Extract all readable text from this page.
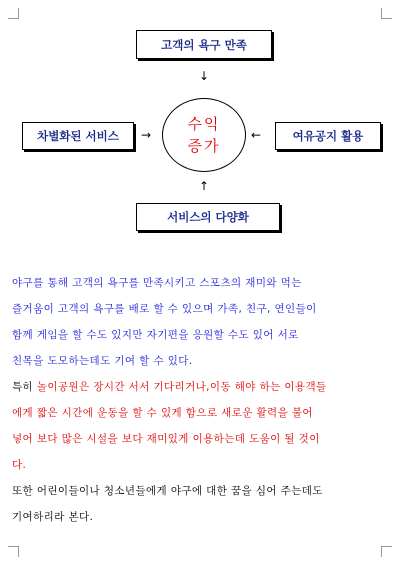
고객의 욕구 만족
차별화된 서비스	여유공지 활용
서비스의 다양화
수익
증가
↓
↑
→	←
야구를 통해 고객의 욕구를 만족시키고 스포츠의 재미와 먹는
즐거움이 고객의 욕구를 배로 할 수 있으며 가족, 친구, 연인들이
함께 게임을 할 수도 있지만 자기편을 응원할 수도 있어 서로
친목을 도모하는데도 기여 할 수 있다.
특히 놀이공원은 장시간 서서 기다리거나,이동 해야 하는 이용객들
에게 짧은 시간에 운동을 할 수 있게 함으로 새로운 활력을 불어
넣어 보다 많은 시설을 보다 재미있게 이용하는데 도움이 될 것이
다.
또한 어린이들이나 청소년들에게 야구에 대한 꿈을 심어 주는데도
기여하리라 본다.
